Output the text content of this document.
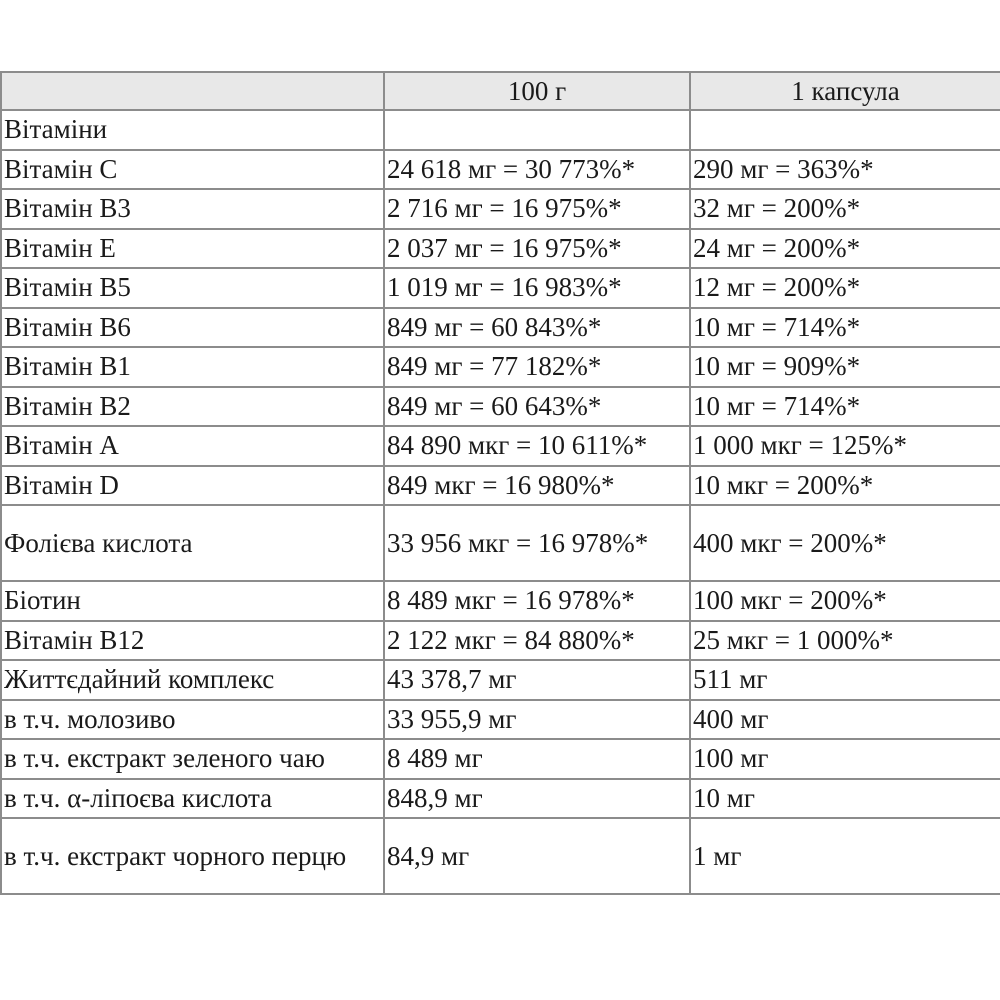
	100 г	1 капсула
Вітаміни		
Вітамін С	24 618 мг = 30 773%*	290 мг = 363%*
Вітамін В3	2 716 мг = 16 975%*	32 мг = 200%*
Вітамін Е	2 037 мг = 16 975%*	24 мг = 200%*
Вітамін В5	1 019 мг = 16 983%*	12 мг = 200%*
Вітамін В6	849 мг = 60 843%*	10 мг = 714%*
Вітамін В1	849 мг = 77 182%*	10 мг = 909%*
Вітамін В2	849 мг = 60 643%*	10 мг = 714%*
Вітамін А	84 890 мкг = 10 611%*	1 000 мкг = 125%*
Вітамін D	849 мкг = 16 980%*	10 мкг = 200%*
Фолієва кислота	33 956 мкг = 16 978%*	400 мкг = 200%*
Біотин	8 489 мкг = 16 978%*	100 мкг = 200%*
Вітамін В12	2 122 мкг = 84 880%*	25 мкг = 1 000%*
Життєдайний комплекс	43 378,7 мг	511 мг
в т.ч. молозиво	33 955,9 мг	400 мг
в т.ч. екстракт зеленого чаю	8 489 мг	100 мг
в т.ч. α-ліпоєва кислота	848,9 мг	10 мг
в т.ч. екстракт чорного перцю	84,9 мг	1 мг
